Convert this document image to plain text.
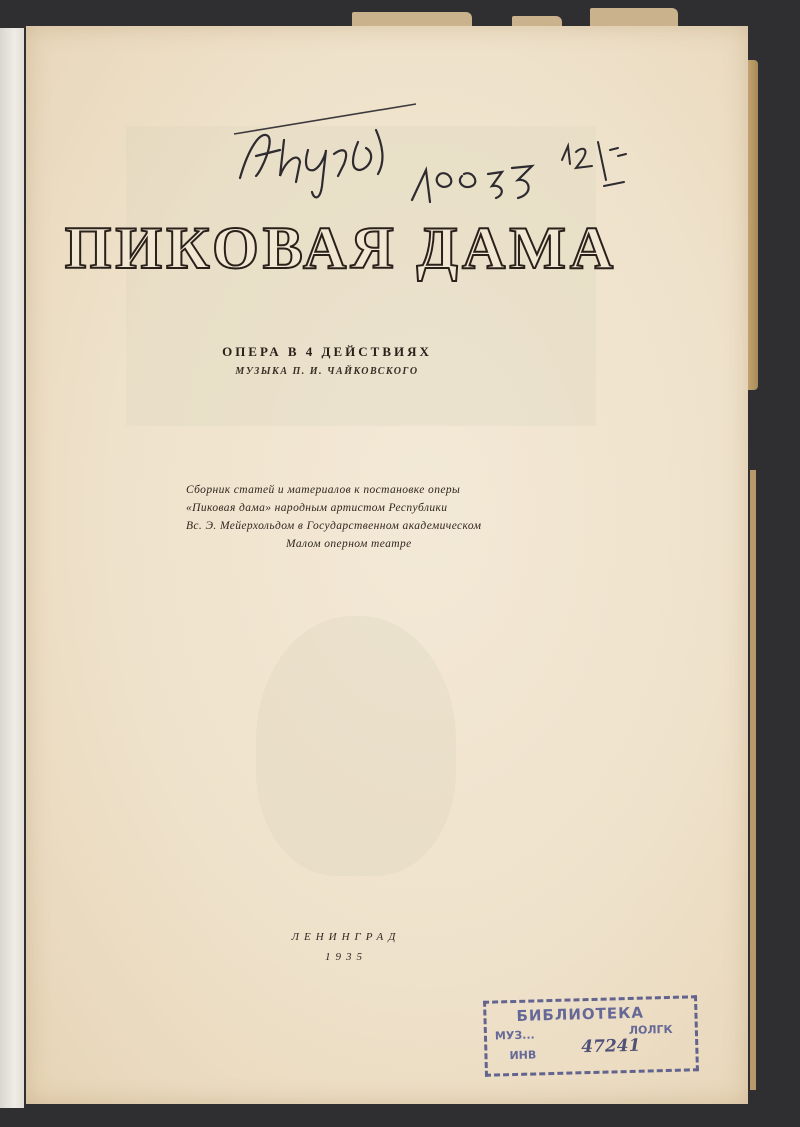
ПИКОВАЯ ДАМА
ОПЕРА В 4 ДЕЙСТВИЯХ
МУЗЫКА П. И. ЧАЙКОВСКОГО
Сборник статей и материалов к постановке оперы
«Пиковая дама» народным артистом Республики
Вс. Э. Мейерхольдом в Государственном академическом
Малом оперном театре
ЛЕНИНГРАД
1935
БИБЛИОТЕКА
МУЗ...	ЛОЛГК
ИНВ	47241
